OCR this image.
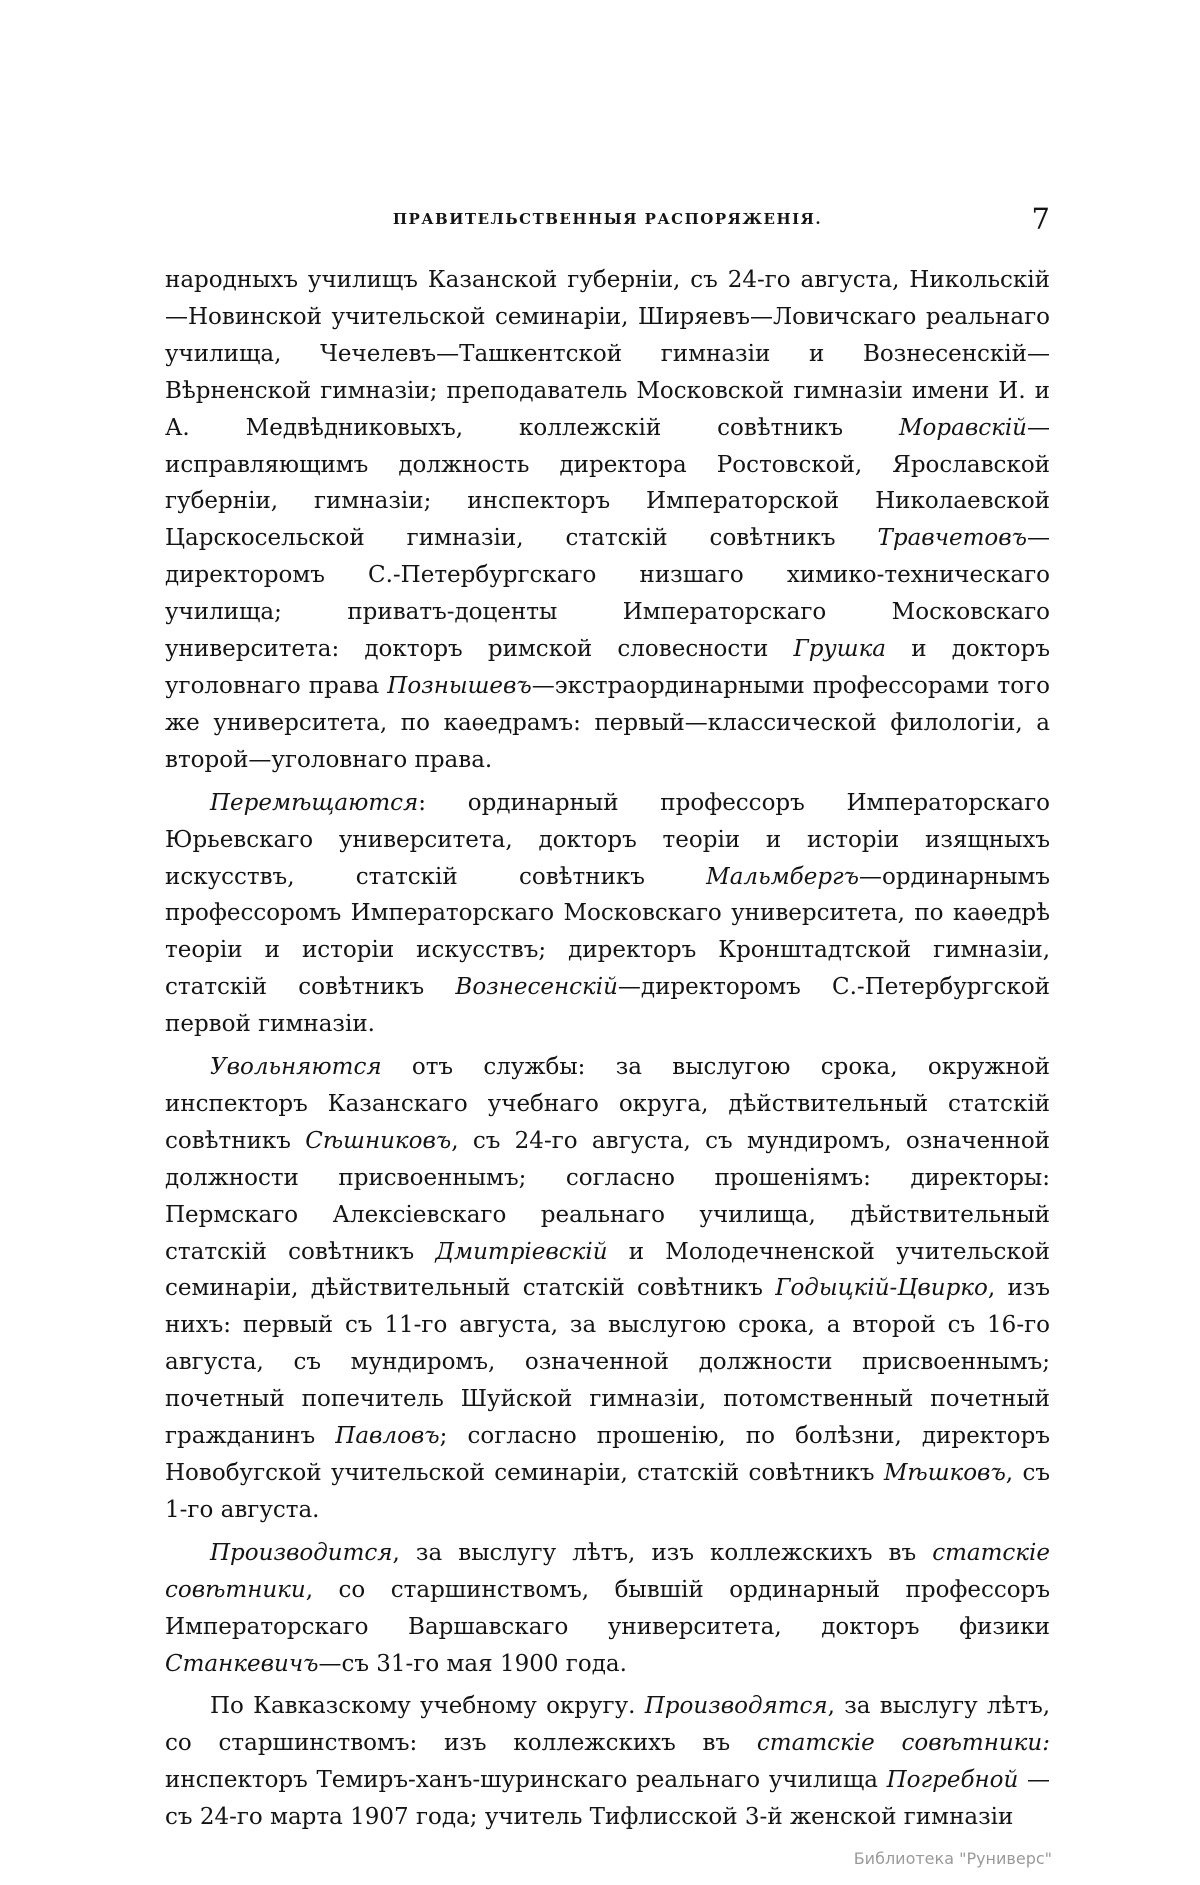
ПРАВИТЕЛЬСТВЕННЫЯ РАСПОРЯЖЕНІЯ.	7

народныхъ училищъ Казанской губерніи, съ 24-го августа, Никольскій—Новинской учительской семинаріи, Ширяевъ—Ловичскаго реальнаго училища, Чечелевъ—Ташкентской гимназіи и Вознесенскій—Вѣрненской гимназіи; преподаватель Московской гимназіи имени И. и А. Медвѣдниковыхъ, коллежскій совѣтникъ Моравскій—исправляющимъ должность директора Ростовской, Ярославской губерніи, гимназіи; инспекторъ Императорской Николаевской Царскосельской гимназіи, статскій совѣтникъ Травчетовъ—директоромъ С.-Петербургскаго низшаго химико-техническаго училища; приватъ-доценты Императорскаго Московскаго университета: докторъ римской словесности Грушка и докторъ уголовнаго права Познышевъ—экстраординарными профессорами того же университета, по каѳедрамъ: первый—классической филологіи, а второй—уголовнаго права.

Перемѣщаются: ординарный профессоръ Императорскаго Юрьевскаго университета, докторъ теоріи и исторіи изящныхъ искусствъ, статскій совѣтникъ Мальмбергъ—ординарнымъ профессоромъ Императорскаго Московскаго университета, по каѳедрѣ теоріи и исторіи искусствъ; директоръ Кронштадтской гимназіи, статскій совѣтникъ Вознесенскій—директоромъ С.-Петербургской первой гимназіи.

Увольняются отъ службы: за выслугою срока, окружной инспекторъ Казанскаго учебнаго округа, дѣйствительный статскій совѣтникъ Сѣшниковъ, съ 24-го августа, съ мундиромъ, означенной должности присвоеннымъ; согласно прошеніямъ: директоры: Пермскаго Алексіевскаго реальнаго училища, дѣйствительный статскій совѣтникъ Дмитріевскій и Молодечненской учительской семинаріи, дѣйствительный статскій совѣтникъ Годыцкій-Цвирко, изъ нихъ: первый съ 11-го августа, за выслугою срока, а второй съ 16-го августа, съ мундиромъ, означенной должности присвоеннымъ; почетный попечитель Шуйской гимназіи, потомственный почетный гражданинъ Павловъ; согласно прошенію, по болѣзни, директоръ Новобугской учительской семинаріи, статскій совѣтникъ Мѣшковъ, съ 1-го августа.

Производится, за выслугу лѣтъ, изъ коллежскихъ въ статскіе совѣтники, со старшинствомъ, бывшій ординарный профессоръ Императорскаго Варшавскаго университета, докторъ физики Станкевичъ—съ 31-го мая 1900 года.

По Кавказскому учебному округу. Производятся, за выслугу лѣтъ, со старшинствомъ: изъ коллежскихъ въ статскіе совѣтники: инспекторъ Темиръ-ханъ-шуринскаго реальнаго училища Погребной — съ 24-го марта 1907 года; учитель Тифлисской 3-й женской гимназіи

Библиотека "Руниверс"
